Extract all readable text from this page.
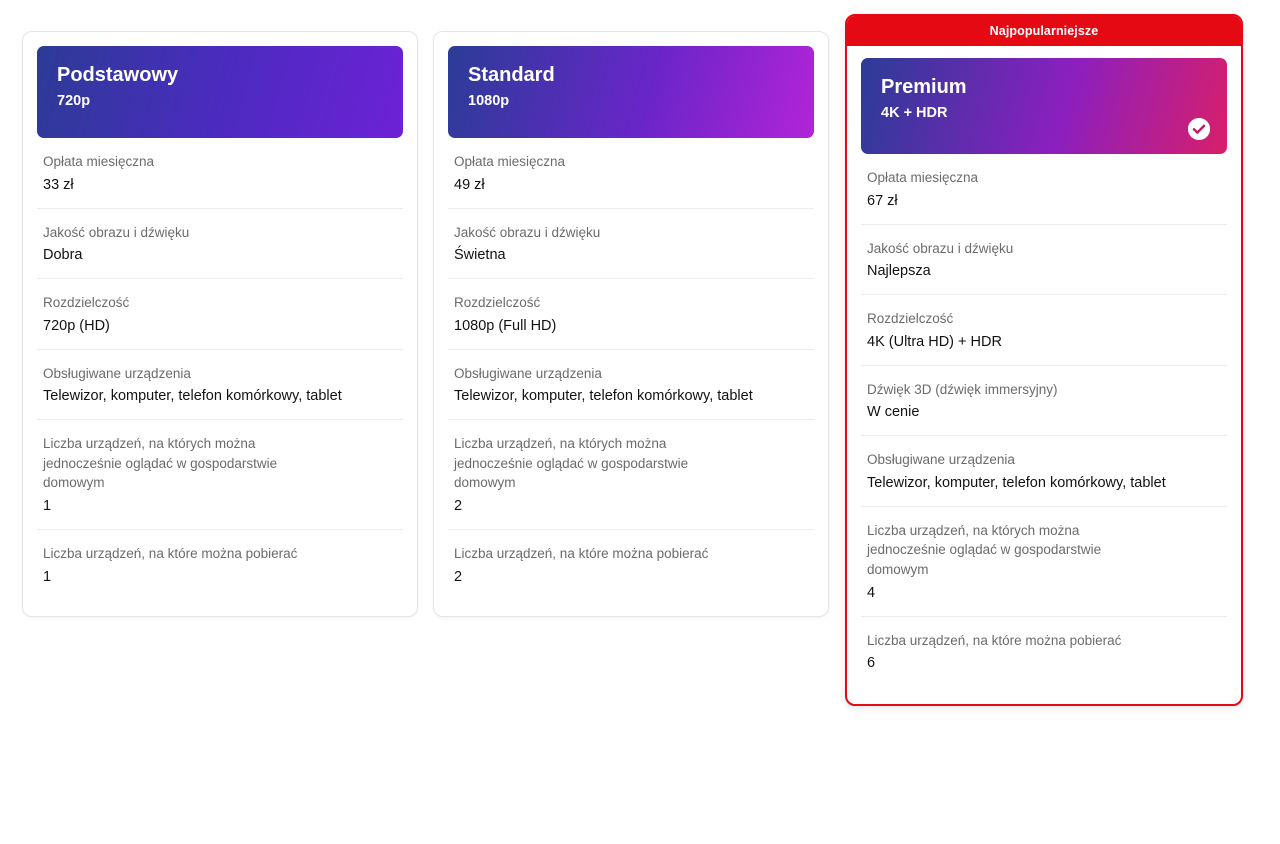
Podstawowy
720p
Opłata miesięczna
33 zł
Jakość obrazu i dźwięku
Dobra
Rozdzielczość
720p (HD)
Obsługiwane urządzenia
Telewizor, komputer, telefon komórkowy, tablet
Liczba urządzeń, na których można jednocześnie oglądać w gospodarstwie domowym
1
Liczba urządzeń, na które można pobierać
1
Standard
1080p
Opłata miesięczna
49 zł
Jakość obrazu i dźwięku
Świetna
Rozdzielczość
1080p (Full HD)
Obsługiwane urządzenia
Telewizor, komputer, telefon komórkowy, tablet
Liczba urządzeń, na których można jednocześnie oglądać w gospodarstwie domowym
2
Liczba urządzeń, na które można pobierać
2
Najpopularniejsze
Premium
4K + HDR
Opłata miesięczna
67 zł
Jakość obrazu i dźwięku
Najlepsza
Rozdzielczość
4K (Ultra HD) + HDR
Dźwięk 3D (dźwięk immersyjny)
W cenie
Obsługiwane urządzenia
Telewizor, komputer, telefon komórkowy, tablet
Liczba urządzeń, na których można jednocześnie oglądać w gospodarstwie domowym
4
Liczba urządzeń, na które można pobierać
6
